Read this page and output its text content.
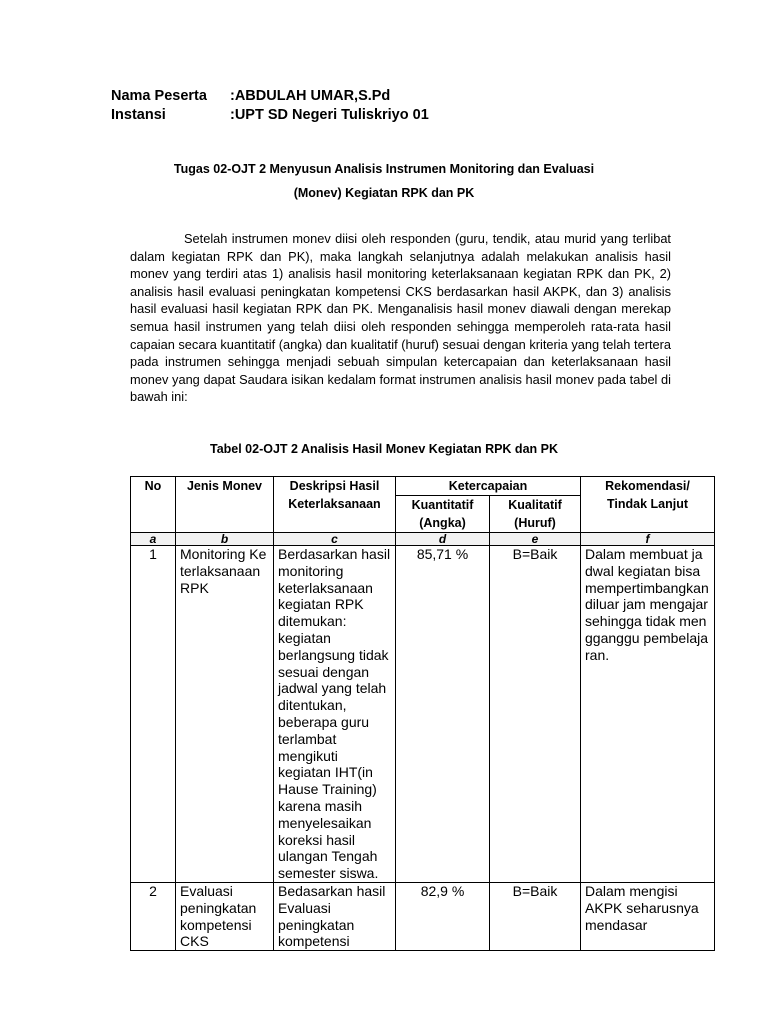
Nama Peserta :ABDULAH UMAR,S.Pd
Instansi	:UPT SD Negeri Tuliskriyo 01
Tugas 02-OJT 2 Menyusun Analisis Instrumen Monitoring dan Evaluasi
(Monev) Kegiatan RPK dan PK
Setelah instrumen monev diisi oleh responden (guru, tendik, atau murid yang terlibat dalam kegiatan RPK dan PK), maka langkah selanjutnya adalah melakukan analisis hasil monev yang terdiri atas 1) analisis hasil monitoring keterlaksanaan kegiatan RPK dan PK, 2) analisis hasil evaluasi peningkatan kompetensi CKS berdasarkan hasil AKPK, dan 3) analisis hasil evaluasi hasil kegiatan RPK dan PK. Menganalisis hasil monev diawali dengan merekap semua hasil instrumen yang telah diisi oleh responden sehingga memperoleh rata-rata hasil capaian secara kuantitatif (angka) dan kualitatif (huruf) sesuai dengan kriteria yang telah tertera pada instrumen sehingga menjadi sebuah simpulan ketercapaian dan keterlaksanaan hasil monev yang dapat Saudara isikan kedalam format instrumen analisis hasil monev pada tabel di bawah ini:
Tabel 02-OJT 2 Analisis Hasil Monev Kegiatan RPK dan PK
No	Jenis Monev	Deskripsi Hasil Keterlaksanaan	Ketercapaian		Rekomendasi/ Tindak Lanjut
			Kuantitatif (Angka)	Kualitatif (Huruf)	
a	b	c	d	e	f
1	Monitoring Keterlaksanaan RPK	Berdasarkan hasil monitoring keterlaksanaan kegiatan RPK ditemukan: kegiatan berlangsung tidak sesuai dengan jadwal yang telah ditentukan, beberapa guru terlambat mengikuti kegiatan IHT(in Hause Training) karena masih menyelesaikan koreksi hasil ulangan Tengah semester siswa.	85,71 %	B=Baik	Dalam membuat jadwal kegiatan bisa mempertimbangkan diluar jam mengajar sehingga tidak mengganggu pembelajaran.
2	Evaluasi peningkatan kompetensi CKS	Bedasarkan hasil Evaluasi peningkatan kompetensi	82,9 %	B=Baik	Dalam mengisi AKPK seharusnya mendasar
